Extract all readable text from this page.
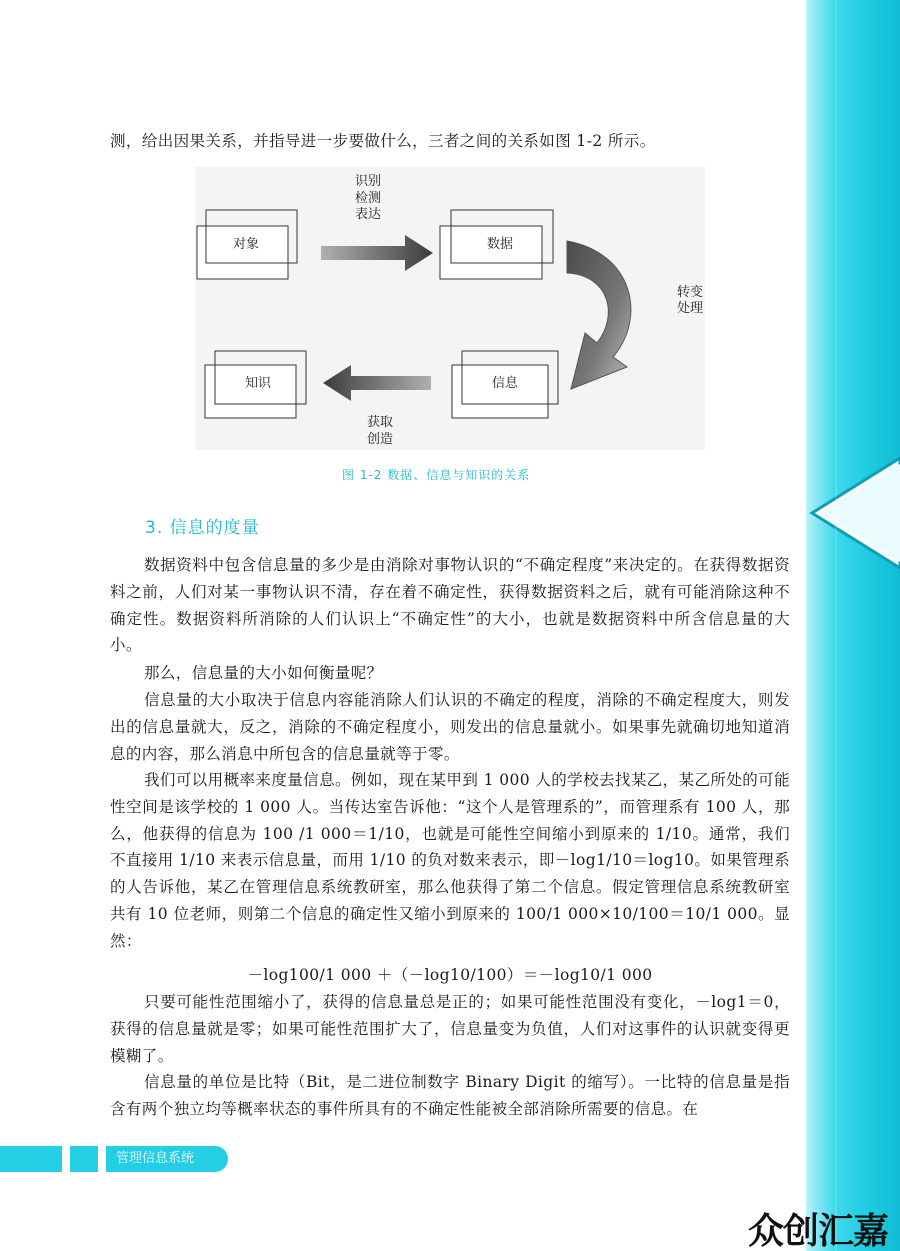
8
测，给出因果关系，并指导进一步要做什么，三者之间的关系如图 1-2 所示。
对象	数据
知识	信息
识别
检测
表达
转变
处理
获取
创造
图 1-2 数据、信息与知识的关系
3. 信息的度量
数据资料中包含信息量的多少是由消除对事物认识的“不确定程度”来决定的。在获得数据资料之前，人们对某一事物认识不清，存在着不确定性，获得数据资料之后，就有可能消除这种不确定性。数据资料所消除的人们认识上“不确定性”的大小，也就是数据资料中所含信息量的大小。
那么，信息量的大小如何衡量呢？
信息量的大小取决于信息内容能消除人们认识的不确定的程度，消除的不确定程度大，则发出的信息量就大，反之，消除的不确定程度小，则发出的信息量就小。如果事先就确切地知道消息的内容，那么消息中所包含的信息量就等于零。
我们可以用概率来度量信息。例如，现在某甲到 1 000 人的学校去找某乙，某乙所处的可能性空间是该学校的 1 000 人。当传达室告诉他：“这个人是管理系的”，而管理系有 100 人，那么，他获得的信息为 100 /1 000＝1/10，也就是可能性空间缩小到原来的 1/10。通常，我们不直接用 1/10 来表示信息量，而用 1/10 的负对数来表示，即－log1/10＝log10。如果管理系的人告诉他，某乙在管理信息系统教研室，那么他获得了第二个信息。假定管理信息系统教研室共有 10 位老师，则第二个信息的确定性又缩小到原来的 100/1 000×10/100＝10/1 000。显然：
－log100/1 000 ＋（－log10/100）＝－log10/1 000
只要可能性范围缩小了，获得的信息量总是正的；如果可能性范围没有变化，－log1＝0，获得的信息量就是零；如果可能性范围扩大了，信息量变为负值，人们对这事件的认识就变得更模糊了。
信息量的单位是比特（Bit，是二进位制数字 Binary Digit 的缩写）。一比特的信息量是指含有两个独立均等概率状态的事件所具有的不确定性能被全部消除所需要的信息。在
管理信息系统
众创汇嘉
